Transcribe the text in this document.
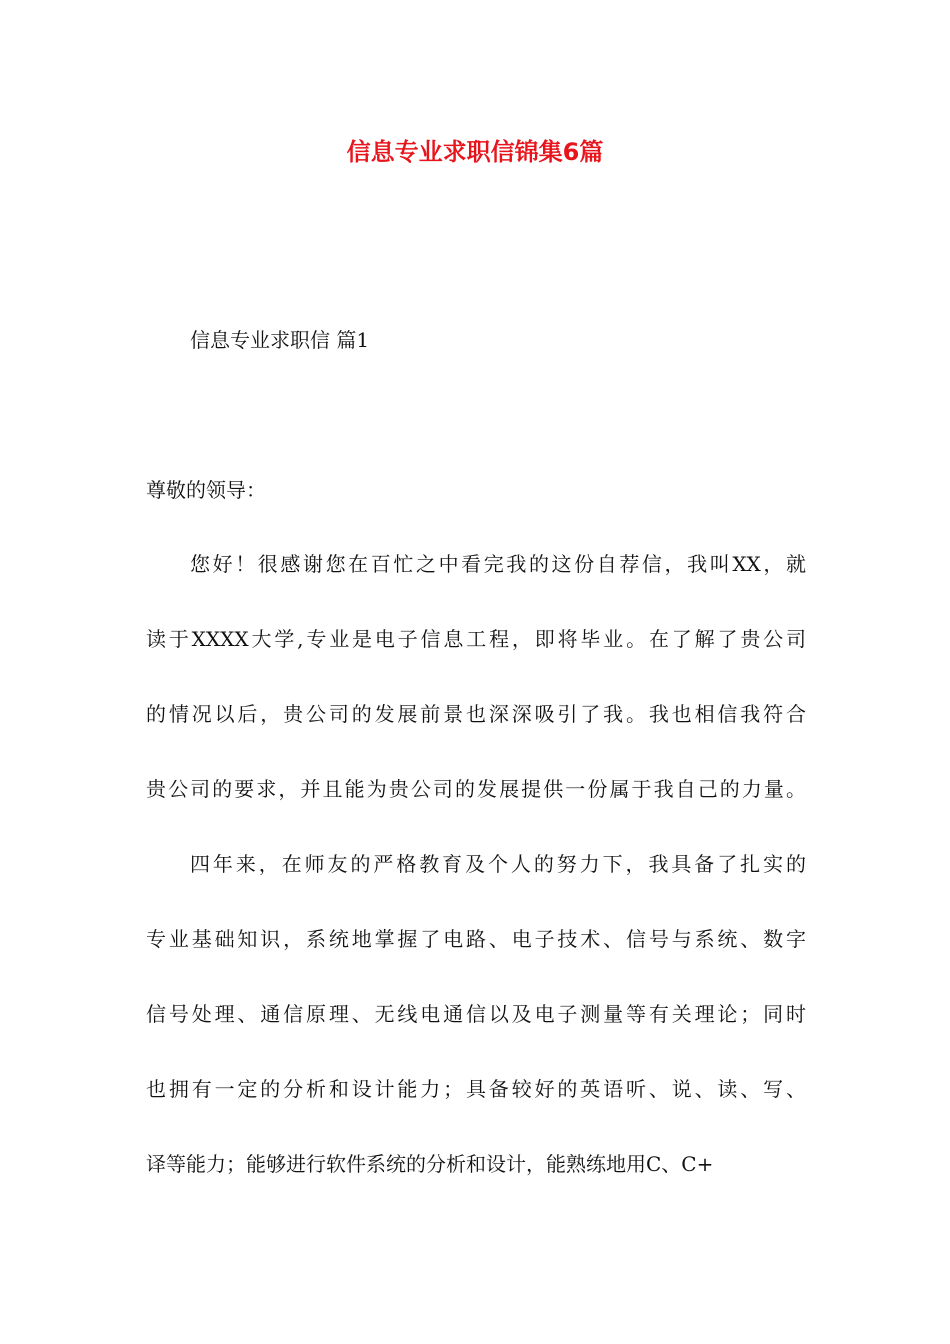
信息专业求职信锦集6篇
信息专业求职信 篇1
尊敬的领导：
您好！很感谢您在百忙之中看完我的这份自荐信，我叫XX，就
读于XXXX大学,专业是电子信息工程，即将毕业。在了解了贵公司
的情况以后，贵公司的发展前景也深深吸引了我。我也相信我符合
贵公司的要求，并且能为贵公司的发展提供一份属于我自己的力量。
四年来，在师友的严格教育及个人的努力下，我具备了扎实的
专业基础知识，系统地掌握了电路、电子技术、信号与系统、数字
信号处理、通信原理、无线电通信以及电子测量等有关理论；同时
也拥有一定的分析和设计能力；具备较好的英语听、说、读、写、
译等能力；能够进行软件系统的分析和设计，能熟练地用C、C+
